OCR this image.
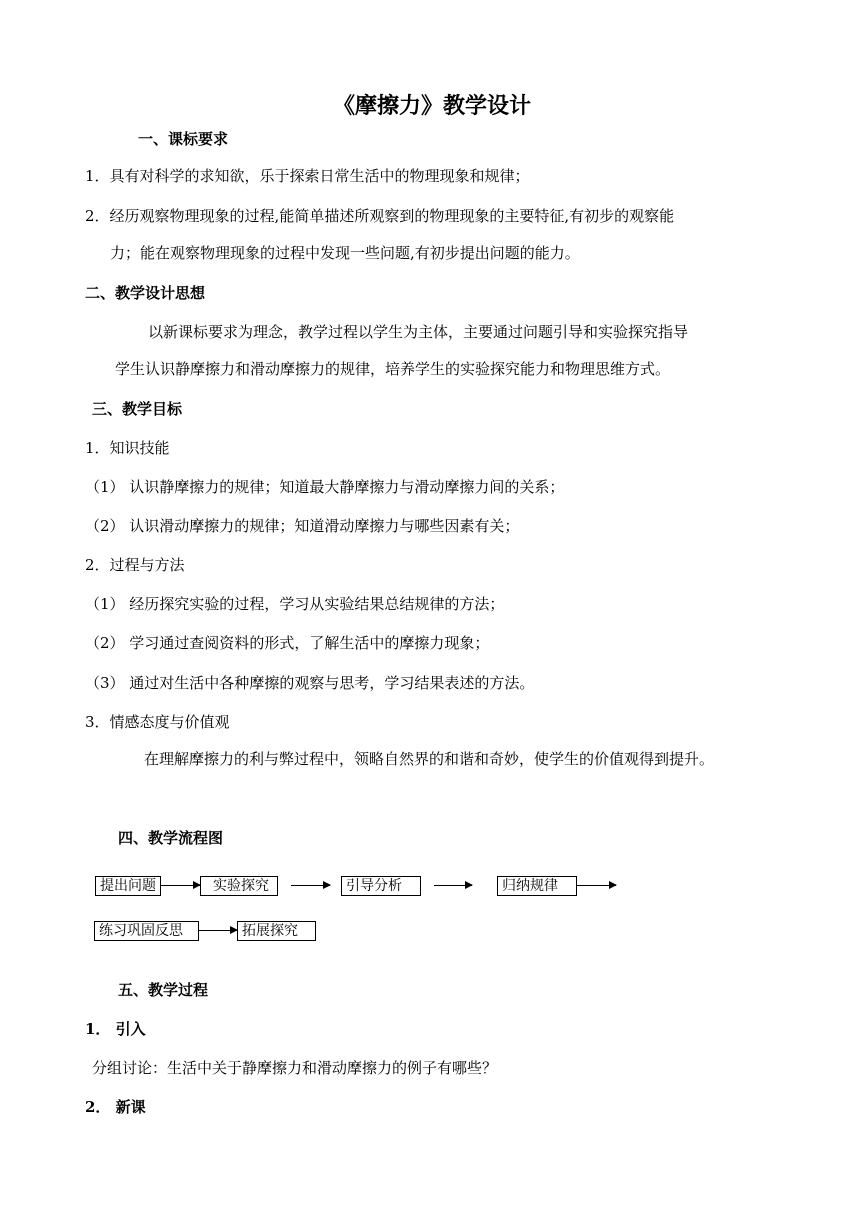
《摩擦力》教学设计
一、课标要求
1．具有对科学的求知欲，乐于探索日常生活中的物理现象和规律；
2．经历观察物理现象的过程,能简单描述所观察到的物理现象的主要特征,有初步的观察能
力；能在观察物理现象的过程中发现一些问题,有初步提出问题的能力。
二、教学设计思想
以新课标要求为理念，教学过程以学生为主体，主要通过问题引导和实验探究指导
学生认识静摩擦力和滑动摩擦力的规律，培养学生的实验探究能力和物理思维方式。
三、教学目标
1．知识技能
（1） 认识静摩擦力的规律；知道最大静摩擦力与滑动摩擦力间的关系；
（2） 认识滑动摩擦力的规律；知道滑动摩擦力与哪些因素有关；
2．过程与方法
（1） 经历探究实验的过程，学习从实验结果总结规律的方法；
（2） 学习通过查阅资料的形式，了解生活中的摩擦力现象；
（3） 通过对生活中各种摩擦的观察与思考，学习结果表述的方法。
3．情感态度与价值观
在理解摩擦力的利与弊过程中，领略自然界的和谐和奇妙，使学生的价值观得到提升。
四、教学流程图
提出问题	实验探究	引导分析	归纳规律
练习巩固反思	拓展探究
五、教学过程
1． 引入
分组讨论：生活中关于静摩擦力和滑动摩擦力的例子有哪些？
2． 新课
